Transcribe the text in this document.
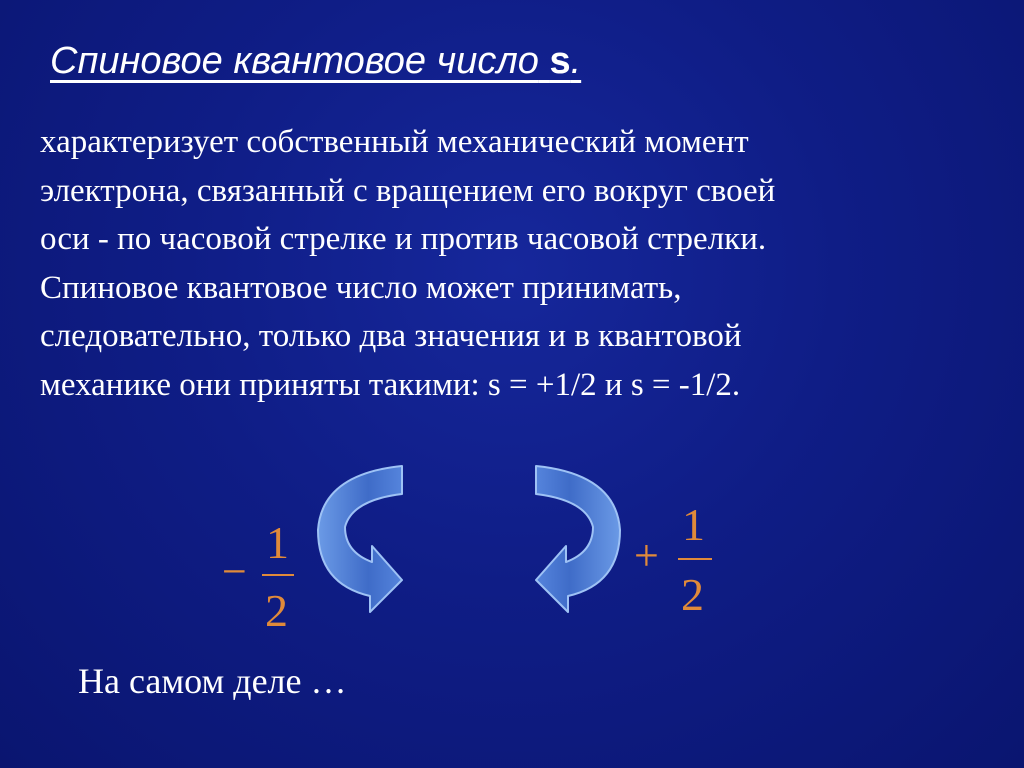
Спиновое квантовое число s.
характеризует собственный механический момент
электрона, связанный с вращением его вокруг своей
оси - по часовой стрелке и против часовой стрелки.
Спиновое квантовое число может принимать,
следовательно, только два значения и в квантовой
механике они приняты такими: s = +1/2 и s = -1/2.
−
1
2
+
1
2
На самом деле …
